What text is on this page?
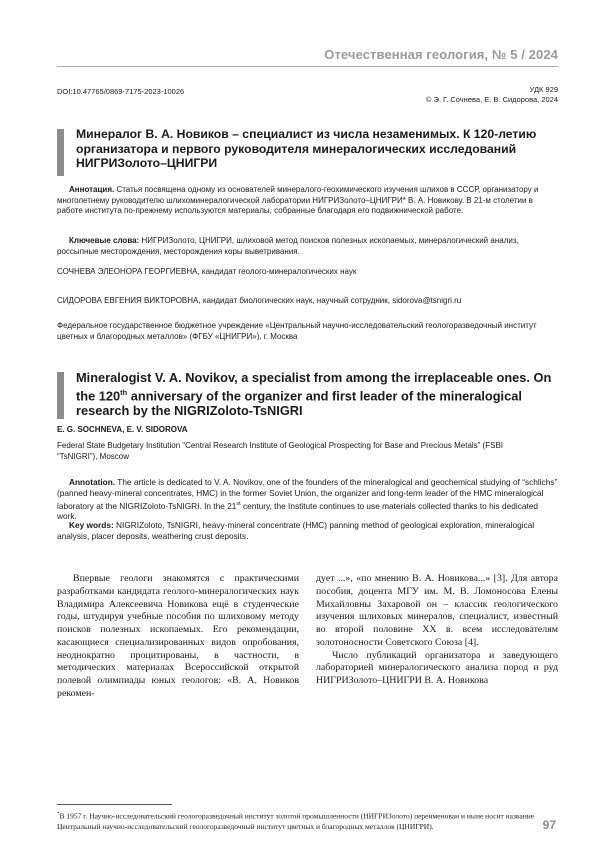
Отечественная геология, № 5 / 2024
DOI:10.47765/0869-7175-2023-10026	УДК 929
© Э. Г. Сочнева, Е. В. Сидорова, 2024
Минералог В. А. Новиков – специалист из числа незаменимых. К 120-летию организатора и первого руководителя минералогических исследований НИГРИЗолото–ЦНИГРИ
Аннотация. Статья посвящена одному из основателей минералого-геохимического изучения шлихов в СССР, организатору и многолетнему руководителю шлихоминералогической лаборатории НИГРИЗолото–ЦНИГРИ* В. А. Новикову. В 21-м столетии в работе института по-прежнему используются материалы, собранные благодаря его подвижнической работе.
Ключевые слова: НИГРИЗолото, ЦНИГРИ, шлиховой метод поисков полезных ископаемых, минералогический анализ, россыпные месторождения, месторождения коры выветривания.
СОЧНЕВА ЭЛЕОНОРА ГЕОРГИЕВНА, кандидат геолого-минералогических наук
СИДОРОВА ЕВГЕНИЯ ВИКТОРОВНА, кандидат биологических наук, научный сотрудник, sidorova@tsnigri.ru
Федеральное государственное бюджетное учреждение «Центральный научно-исследовательский геологоразведочный институт цветных и благородных металлов» (ФГБУ «ЦНИГРИ»), г. Москва
Mineralogist V. A. Novikov, a specialist from among the irreplaceable ones. On the 120th anniversary of the organizer and first leader of the mineralogical research by the NIGRIZoloto-TsNIGRI
E. G. SOCHNEVA, E. V. SIDOROVA
Federal State Budgetary Institution “Central Research Institute of Geological Prospecting for Base and Precious Metals” (FSBI “TsNIGRI”), Moscow
Annotation. The article is dedicated to V. A. Novikov, one of the founders of the mineralogical and geochemical studying of “schlichs” (panned heavy-mineral concentrates, HMC) in the former Soviet Union, the organizer and long-term leader of the HMC mineralogical laboratory at the NIGRIZoloto-TsNIGRI. In the 21st century, the Institute continues to use materials collected thanks to his dedicated work.
Key words: NIGRIZoloto, TsNIGRI, heavy-mineral concentrate (HMC) panning method of geological exploration, mineralogical analysis, placer deposits, weathering crust deposits.

Впервые геологи знакомятся с практическими разработками кандидата геолого-минералогических наук Владимира Алексеевича Новикова ещё в студенческие годы, штудируя учебные пособия по шлиховому методу поисков полезных ископаемых. Его рекомендации, касающиеся специализированных видов опробования, неоднократно процитированы, в частности, в методических материалах Всероссийской открытой полевой олимпиады юных геологов: «В. А. Новиков рекомен-

дует ...», «по мнению В. А. Новикова...» [3]. Для автора пособия, доцента МГУ им. М. В. Ломоносова Елены Михайловны Захаровой он – классик геологического изучения шлиховых минералов, специалист, известный во второй половине XX в. всем исследователям золотоносности Советского Союза [4].

Число публикаций организатора и заведующего лабораторией минералогического анализа пород и руд НИГРИЗолото–ЦНИГРИ В. А. Новикова

*В 1957 г. Научно-исследовательский геологоразведочный институт золотой промышленности (НИГРИЗолото) переименован и ныне носит название Центральный научно-исследовательский геологоразведочный институт цветных и благородных металлов (ЦНИГРИ).	97
